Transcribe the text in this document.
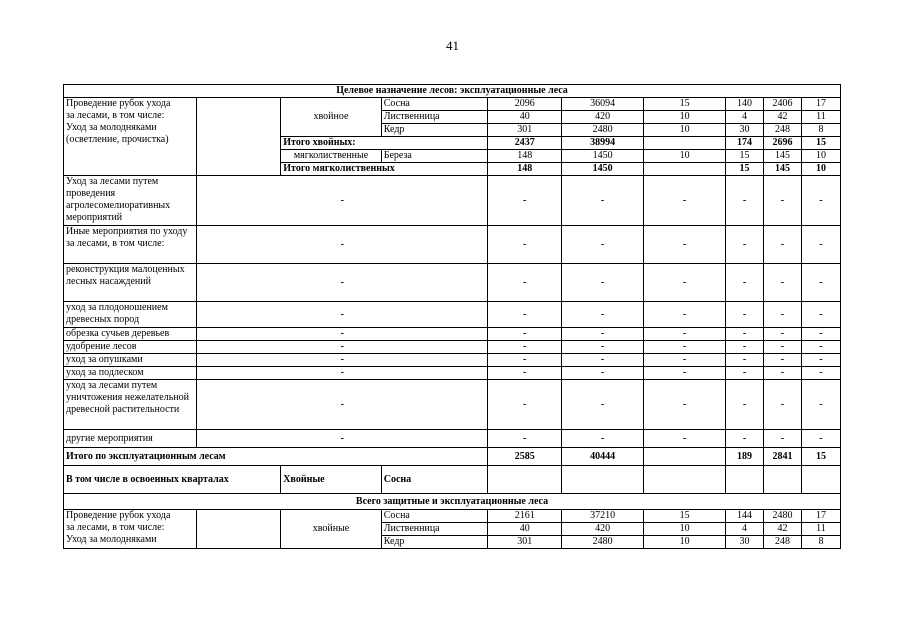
41
Целевое назначение лесов: эксплуатационные леса									
Проведение рубок ухода
за лесами, в том числе:
Уход за молодняками
(осветление, прочистка)			Сосна	2096	36094	15	140	2406	17
		хвойное	Лиственница	40	420	10	4	42	11
			Кедр	301	2480	10	30	248	8
		Итого хвойных:		2437	38994		174	2696	15
		мягколиственные	Береза	148	1450	10	15	145	10
		Итого мягколиственных		148	1450		15	145	10
Уход за лесами путем проведения агролесомелиоративных мероприятий	-			-	-	-	-	-	-
Иные мероприятия по уходу за лесами, в том числе:	-			-	-	-	-	-	-
реконструкция малоценных лесных насаждений	-			-	-	-	-	-	-
уход за плодоношением древесных пород	-			-	-	-	-	-	-
обрезка сучьев деревьев	-			-	-	-	-	-	-
удобрение лесов	-			-	-	-	-	-	-
уход за опушками	-			-	-	-	-	-	-
уход за подлеском	-			-	-	-	-	-	-
уход за лесами путем уничтожения нежелательной древесной растительности	-			-	-	-	-	-	-
другие мероприятия	-			-	-	-	-	-	-
Итого по эксплуатационным лесам				2585	40444		189	2841	15
В том числе в освоенных кварталах		Хвойные	Сосна						
Всего защитные и эксплуатационные леса									
Проведение рубок ухода
за лесами, в том числе:
Уход за молодняками			Сосна	2161	37210	15	144	2480	17
		хвойные	Лиственница	40	420	10	4	42	11
			Кедр	301	2480	10	30	248	8
